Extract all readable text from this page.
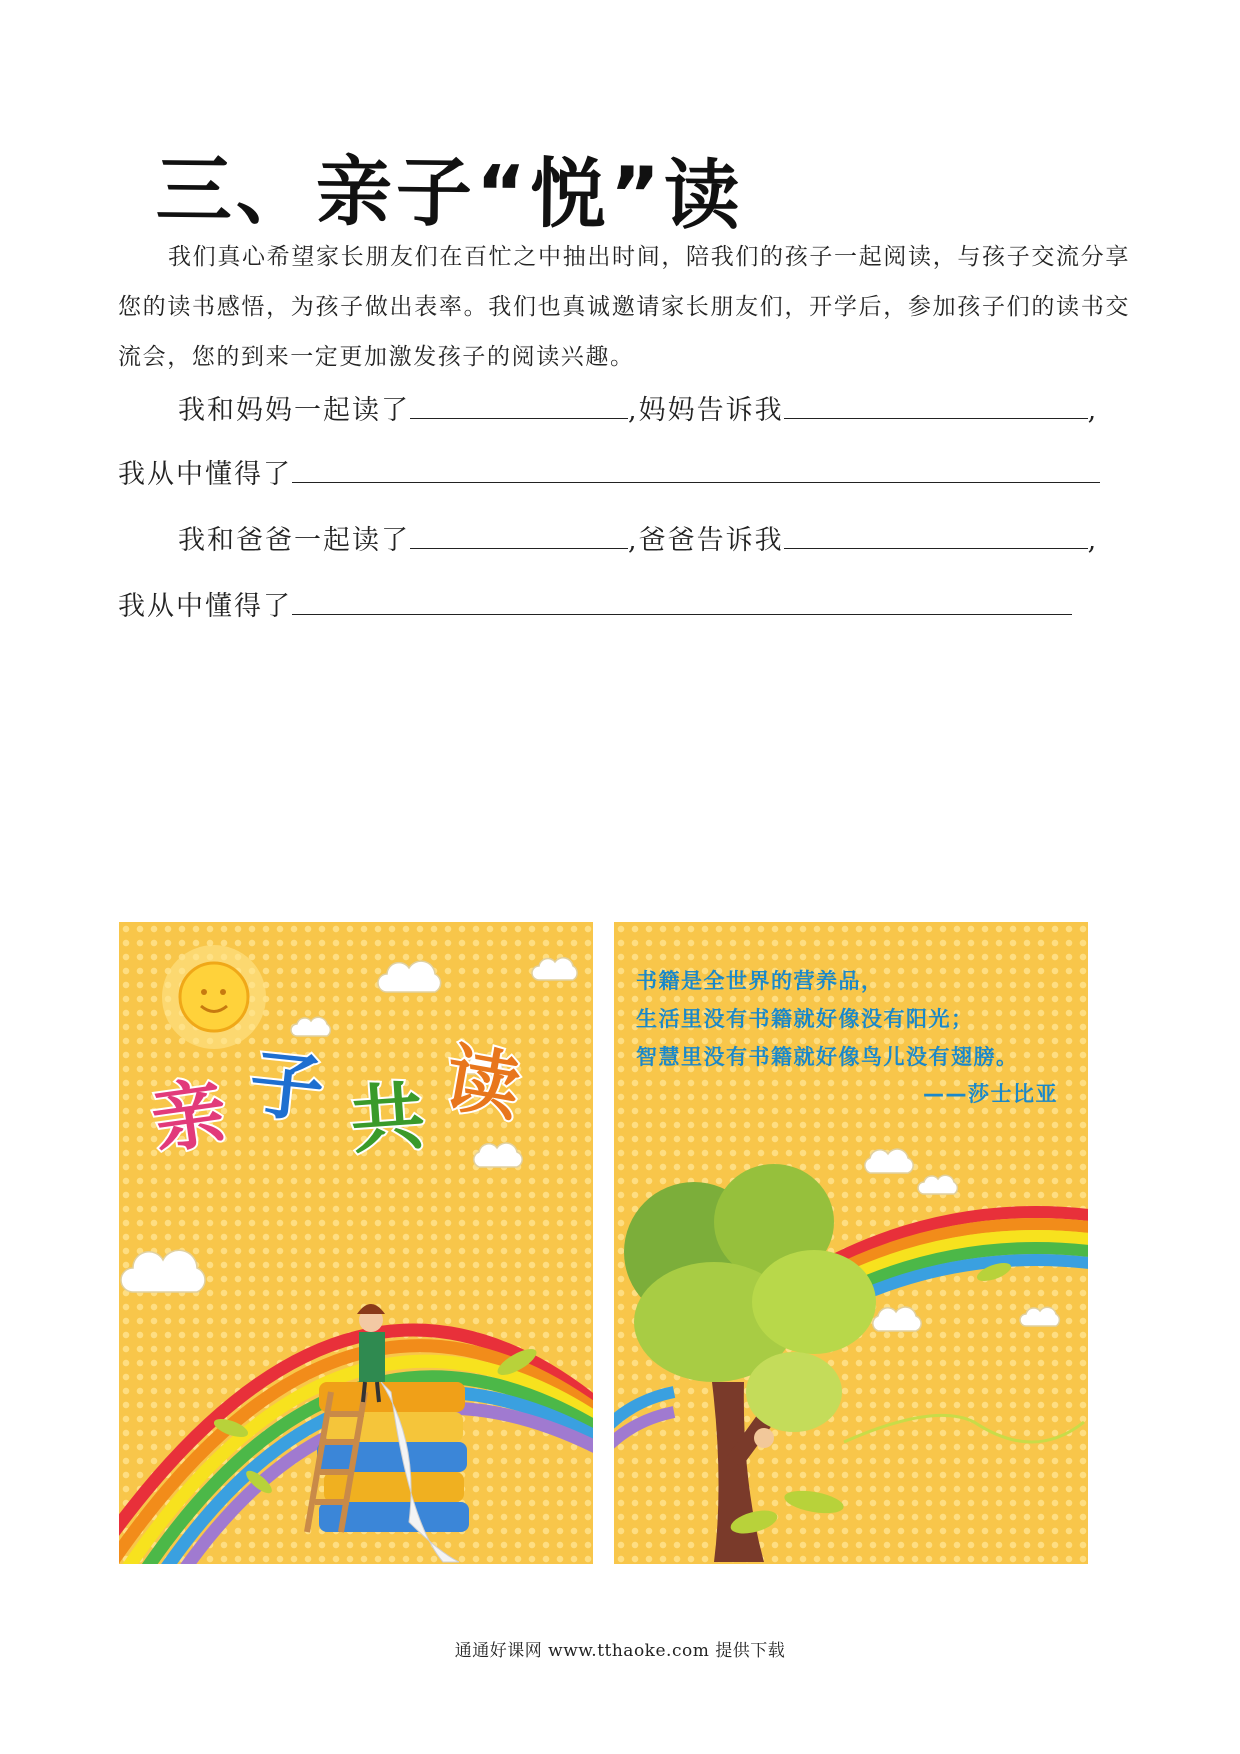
三、亲子“悦”读
我们真心希望家长朋友们在百忙之中抽出时间，陪我们的孩子一起阅读，与孩子交流分享您的读书感悟，为孩子做出表率。我们也真诚邀请家长朋友们，开学后，参加孩子们的读书交流会，您的到来一定更加激发孩子的阅读兴趣。
我和妈妈一起读了	,妈妈告诉我	,
我从中懂得了
我和爸爸一起读了	,爸爸告诉我	,
我从中懂得了
亲 子 共 读
书籍是全世界的营养品，
生活里没有书籍就好像没有阳光；
智慧里没有书籍就好像鸟儿没有翅膀。
——莎士比亚
通通好课网 www.tthaoke.com 提供下载
